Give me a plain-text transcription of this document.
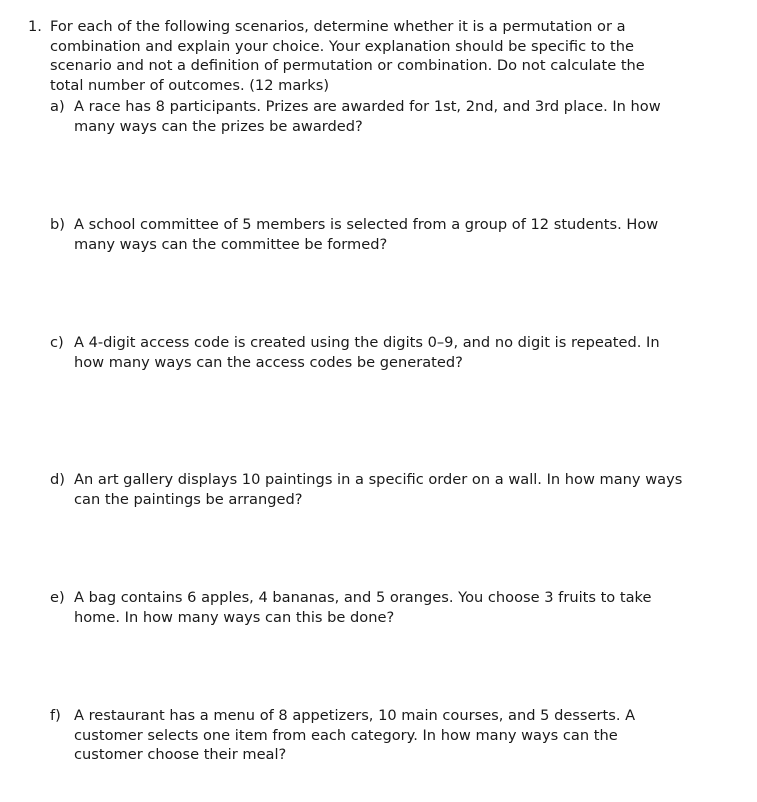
1. For each of the following scenarios, determine whether it is a permutation or a
combination and explain your choice. Your explanation should be specific to the
scenario and not a definition of permutation or combination. Do not calculate the
total number of outcomes. (12 marks)
a) A race has 8 participants. Prizes are awarded for 1st, 2nd, and 3rd place. In how
many ways can the prizes be awarded?
b) A school committee of 5 members is selected from a group of 12 students. How
many ways can the committee be formed?
c) A 4-digit access code is created using the digits 0–9, and no digit is repeated. In
how many ways can the access codes be generated?
d) An art gallery displays 10 paintings in a specific order on a wall. In how many ways
can the paintings be arranged?
e) A bag contains 6 apples, 4 bananas, and 5 oranges. You choose 3 fruits to take
home. In how many ways can this be done?
f) A restaurant has a menu of 8 appetizers, 10 main courses, and 5 desserts. A
customer selects one item from each category. In how many ways can the
customer choose their meal?
